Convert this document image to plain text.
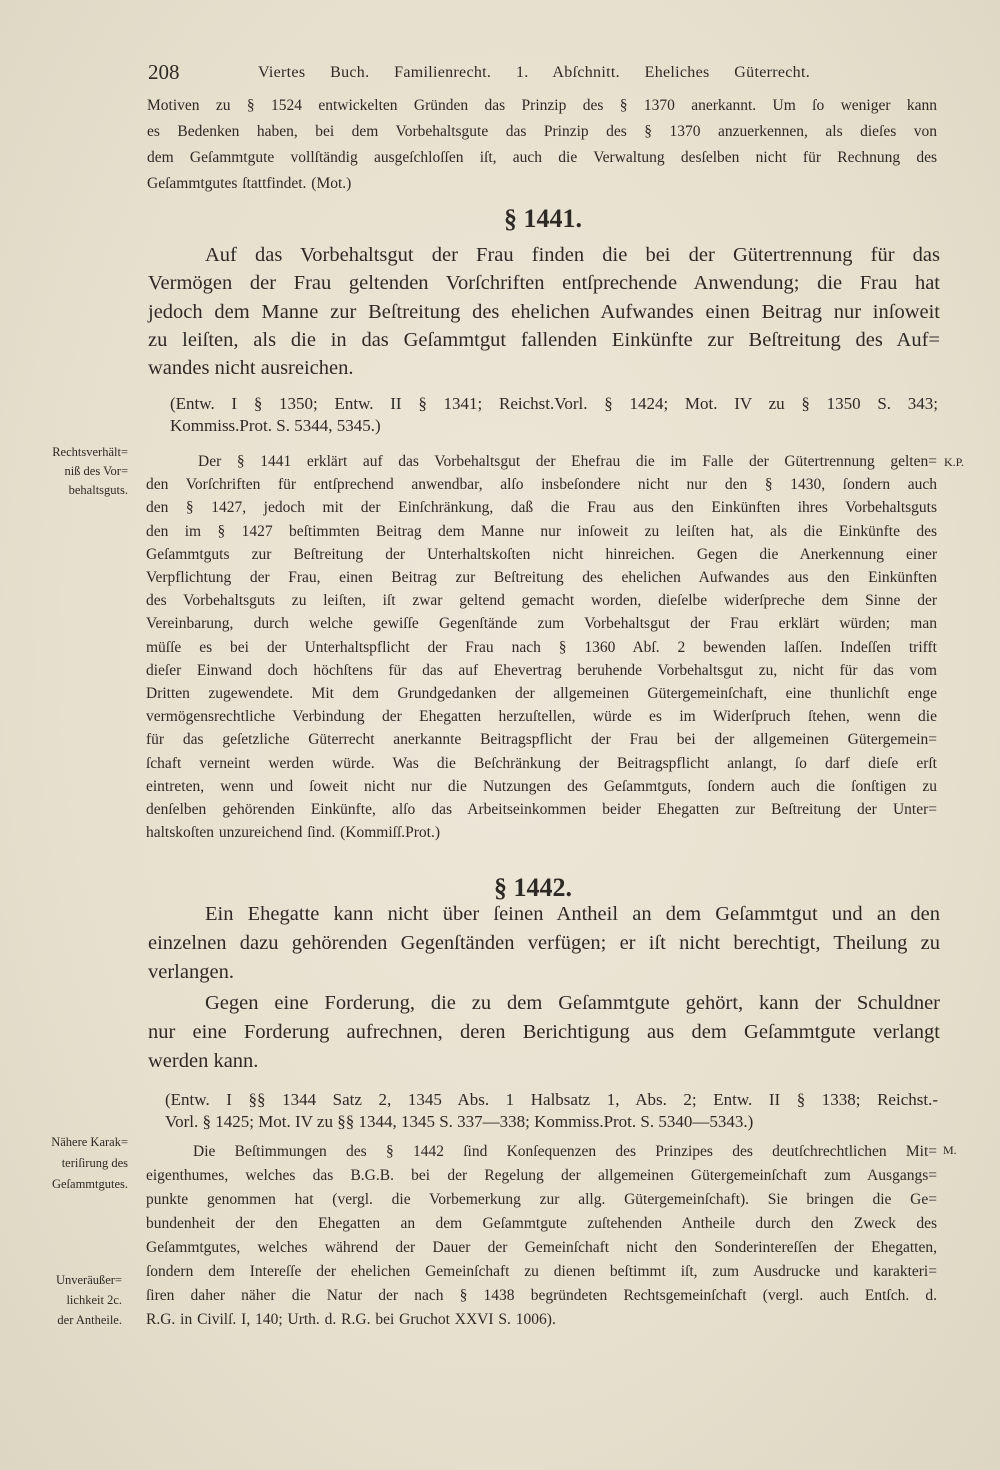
208	Viertes Buch. Familienrecht. 1. Abſchnitt. Eheliches Güterrecht.
Motiven zu § 1524 entwickelten Gründen das Prinzip des § 1370 anerkannt. Um ſo weniger kann
es Bedenken haben, bei dem Vorbehaltsgute das Prinzip des § 1370 anzuerkennen, als dieſes von
dem Geſammtgute vollſtändig ausgeſchloſſen iſt, auch die Verwaltung desſelben nicht für Rechnung des
Geſammtgutes ſtattfindet. (Mot.)
§ 1441.
Auf das Vorbehaltsgut der Frau finden die bei der Gütertrennung für das
Vermögen der Frau geltenden Vorſchriften entſprechende Anwendung; die Frau hat
jedoch dem Manne zur Beſtreitung des ehelichen Aufwandes einen Beitrag nur inſoweit
zu leiſten, als die in das Geſammtgut fallenden Einkünfte zur Beſtreitung des Auf=
wandes nicht ausreichen.
(Entw. I § 1350; Entw. II § 1341; Reichst.Vorl. § 1424; Mot. IV zu § 1350 S. 343;
Kommiss.Prot. S. 5344, 5345.)
Rechtsverhält=
niß des Vor=
behaltsguts.
K.P.
Der § 1441 erklärt auf das Vorbehaltsgut der Ehefrau die im Falle der Gütertrennung gelten=
den Vorſchriften für entſprechend anwendbar, alſo insbeſondere nicht nur den § 1430, ſondern auch
den § 1427, jedoch mit der Einſchränkung, daß die Frau aus den Einkünften ihres Vorbehaltsguts
den im § 1427 beſtimmten Beitrag dem Manne nur inſoweit zu leiſten hat, als die Einkünfte des
Geſammtguts zur Beſtreitung der Unterhaltskoſten nicht hinreichen. Gegen die Anerkennung einer
Verpflichtung der Frau, einen Beitrag zur Beſtreitung des ehelichen Aufwandes aus den Einkünften
des Vorbehaltsguts zu leiſten, iſt zwar geltend gemacht worden, dieſelbe widerſpreche dem Sinne der
Vereinbarung, durch welche gewiſſe Gegenſtände zum Vorbehaltsgut der Frau erklärt würden; man
müſſe es bei der Unterhaltspflicht der Frau nach § 1360 Abſ. 2 bewenden laſſen. Indeſſen trifft
dieſer Einwand doch höchſtens für das auf Ehevertrag beruhende Vorbehaltsgut zu, nicht für das vom
Dritten zugewendete. Mit dem Grundgedanken der allgemeinen Gütergemeinſchaft, eine thunlichſt enge
vermögensrechtliche Verbindung der Ehegatten herzuſtellen, würde es im Widerſpruch ſtehen, wenn die
für das geſetzliche Güterrecht anerkannte Beitragspflicht der Frau bei der allgemeinen Gütergemein=
ſchaft verneint werden würde. Was die Beſchränkung der Beitragspflicht anlangt, ſo darf dieſe erſt
eintreten, wenn und ſoweit nicht nur die Nutzungen des Geſammtguts, ſondern auch die ſonſtigen zu
denſelben gehörenden Einkünfte, alſo das Arbeitseinkommen beider Ehegatten zur Beſtreitung der Unter=
haltskoſten unzureichend ſind. (Kommiſſ.Prot.)
§ 1442.
Ein Ehegatte kann nicht über ſeinen Antheil an dem Geſammtgut und an den
einzelnen dazu gehörenden Gegenſtänden verfügen; er iſt nicht berechtigt, Theilung zu
verlangen.
Gegen eine Forderung, die zu dem Geſammtgute gehört, kann der Schuldner
nur eine Forderung aufrechnen, deren Berichtigung aus dem Geſammtgute verlangt
werden kann.
(Entw. I §§ 1344 Satz 2, 1345 Abs. 1 Halbsatz 1, Abs. 2; Entw. II § 1338; Reichst.-
Vorl. § 1425; Mot. IV zu §§ 1344, 1345 S. 337—338; Kommiss.Prot. S. 5340—5343.)
Nähere Karak=
teriſirung des
Geſammtgutes.
Unveräußer=
lichkeit 2c.
der Antheile.
M.
Die Beſtimmungen des § 1442 ſind Konſequenzen des Prinzipes des deutſchrechtlichen Mit=
eigenthumes, welches das B.G.B. bei der Regelung der allgemeinen Gütergemeinſchaft zum Ausgangs=
punkte genommen hat (vergl. die Vorbemerkung zur allg. Gütergemeinſchaft). Sie bringen die Ge=
bundenheit der den Ehegatten an dem Geſammtgute zuſtehenden Antheile durch den Zweck des
Geſammtgutes, welches während der Dauer der Gemeinſchaft nicht den Sonderintereſſen der Ehegatten,
ſondern dem Intereſſe der ehelichen Gemeinſchaft zu dienen beſtimmt iſt, zum Ausdrucke und karakteri=
ſiren daher näher die Natur der nach § 1438 begründeten Rechtsgemeinſchaft (vergl. auch Entſch. d.
R.G. in Civilſ. I, 140; Urth. d. R.G. bei Gruchot XXVI S. 1006).
